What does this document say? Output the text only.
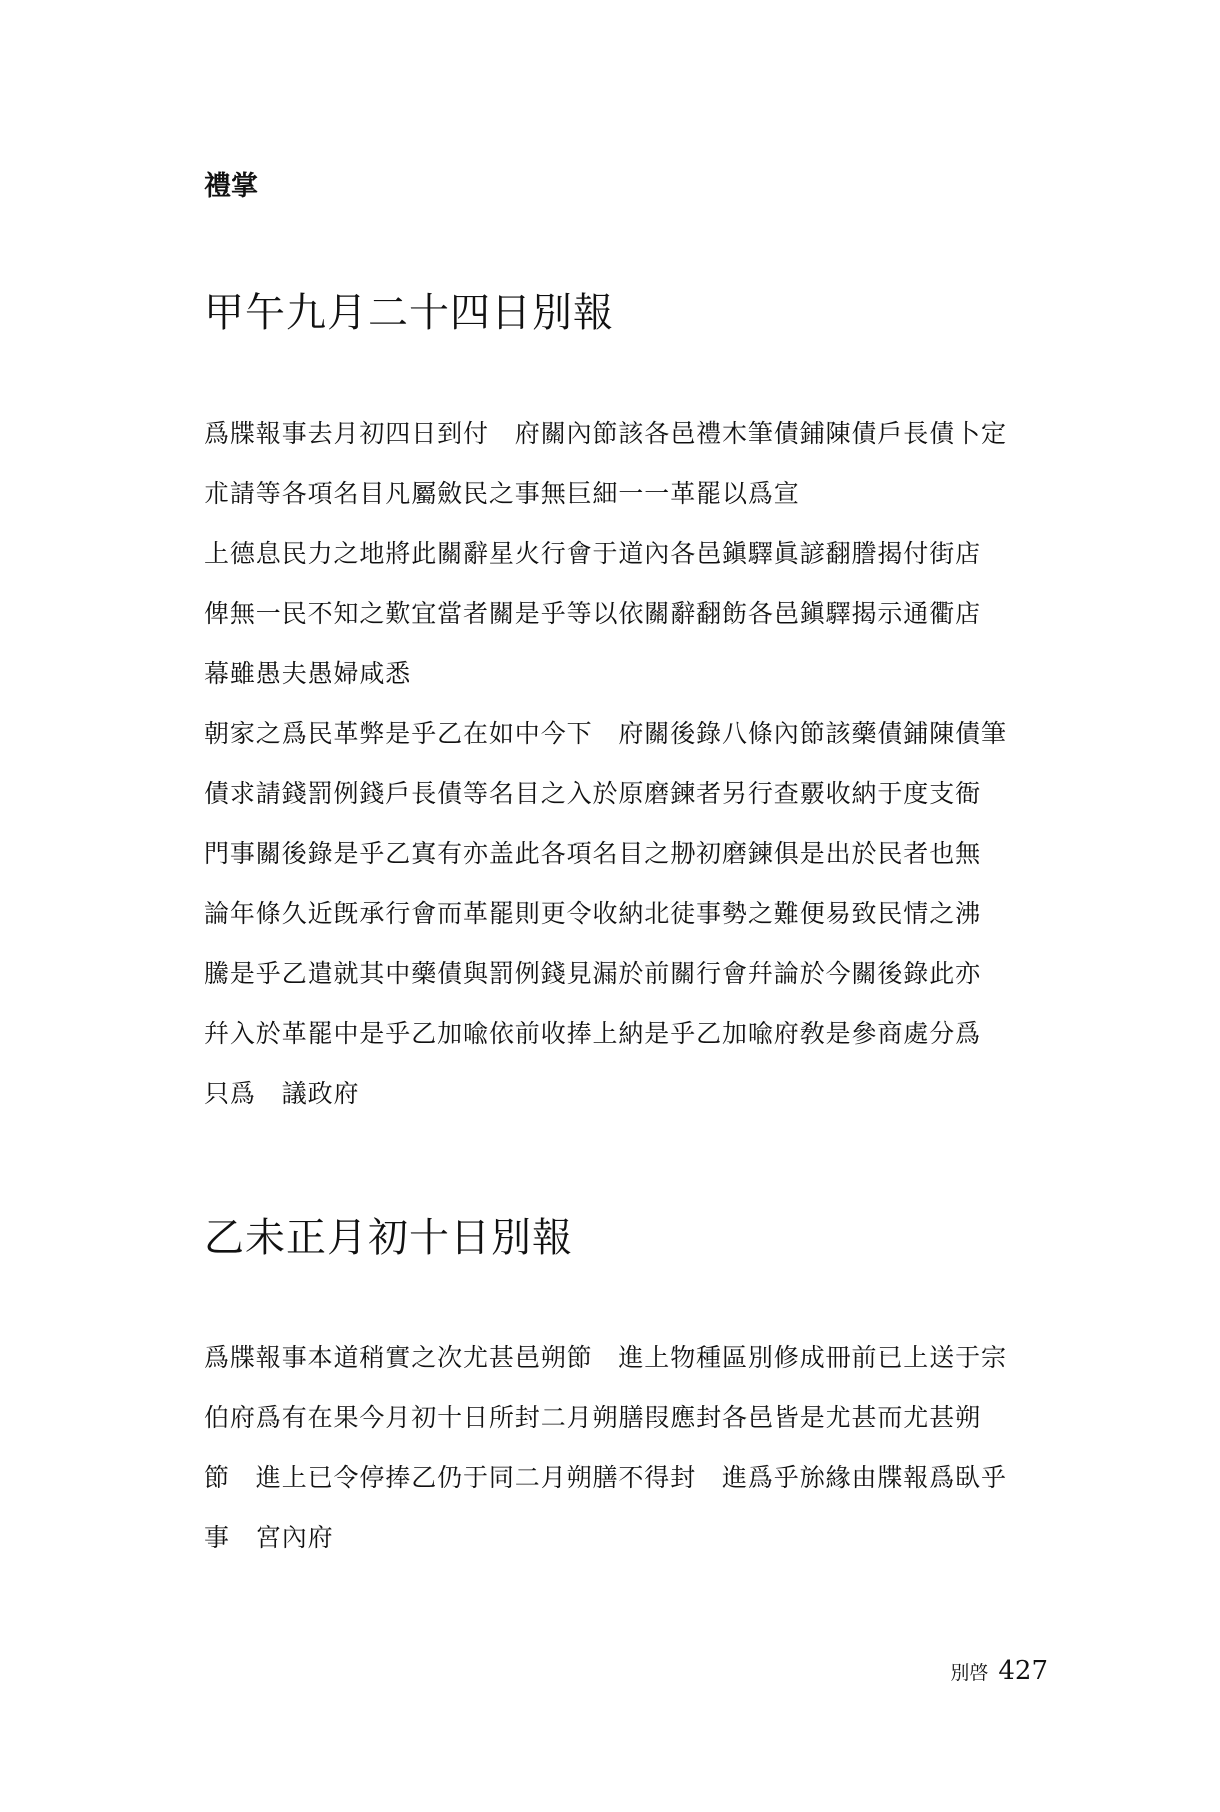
禮掌
甲午九月二十四日別報
爲牒報事去月初四日到付　府關內節該各邑禮木筆債鋪陳債戶長債卜定
朮請等各項名目凡屬斂民之事無巨細一一革罷以爲宣
上德息民力之地將此關辭星火行會于道內各邑鎭驛眞諺翻謄揭付街店
俾無一民不知之歎宜當者關是乎等以依關辭翻飭各邑鎭驛揭示通衢店
幕雖愚夫愚婦咸悉
朝家之爲民革弊是乎乙在如中今下　府關後錄八條內節該藥債鋪陳債筆
債求請錢罰例錢戶長債等名目之入於原磨鍊者另行查覈收納于度支衙
門事關後錄是乎乙寘有亦盖此各項名目之刱初磨鍊俱是出於民者也無
論年條久近旣承行會而革罷則更令收納北徒事勢之難便易致民情之沸
騰是乎乙遣就其中藥債與罰例錢見漏於前關行會幷論於今關後錄此亦
幷入於革罷中是乎乙加喩依前收捧上納是乎乙加喩府敎是參商處分爲
只爲　議政府
乙未正月初十日別報
爲牒報事本道稍實之次尤甚邑朔節　進上物種區別修成冊前已上送于宗
伯府爲有在果今月初十日所封二月朔膳叚應封各邑皆是尤甚而尤甚朔
節　進上已令停捧乙仍于同二月朔膳不得封　進爲乎旀緣由牒報爲臥乎
事　宮內府
別啓 427
